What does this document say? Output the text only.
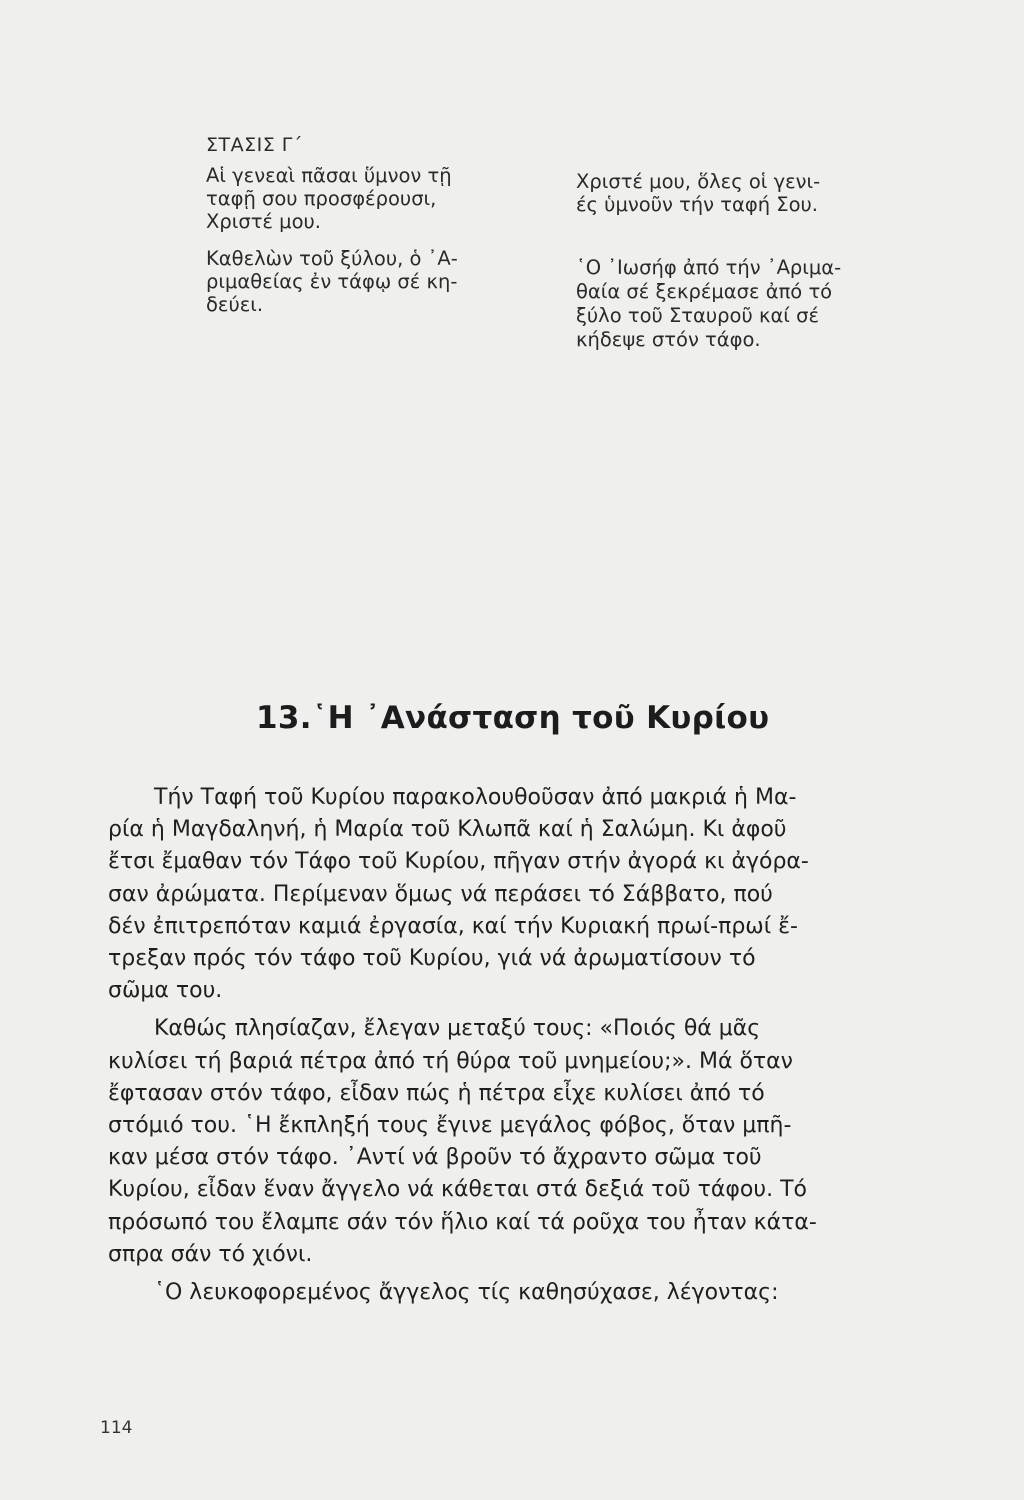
ΣΤΑΣΙΣ Γ΄

Αἱ γενεαὶ πᾶσαι ὕμνον τῇ
ταφῇ σου προσφέρουσι,
Χριστέ μου.

Χριστέ μου, ὅλες οἱ γενι-
ές ὑμνοῦν τήν ταφή Σου.

Καθελὼν τοῦ ξύλου, ὁ ᾿Α-
ριμαθείας ἐν τάφῳ σέ κη-
δεύει.

῾Ο ᾿Ιωσήφ ἀπό τήν ᾿Αριμα-
θαία σέ ξεκρέμασε ἀπό τό
ξύλο τοῦ Σταυροῦ καί σέ
κήδεψε στόν τάφο.

13.῾Η ᾿Ανάσταση τοῦ Κυρίου

Τήν Ταφή τοῦ Κυρίου παρακολουθοῦσαν ἀπό μακριά ἡ Μα-
ρία ἡ Μαγδαληνή, ἡ Μαρία τοῦ Κλωπᾶ καί ἡ Σαλώμη. Κι ἀφοῦ
ἔτσι ἔμαθαν τόν Τάφο τοῦ Κυρίου, πῆγαν στήν ἀγορά κι ἀγόρα-
σαν ἀρώματα. Περίμεναν ὅμως νά περάσει τό Σάββατο, πού
δέν ἐπιτρεπόταν καμιά ἐργασία, καί τήν Κυριακή πρωί-πρωί ἔ-
τρεξαν πρός τόν τάφο τοῦ Κυρίου, γιά νά ἀρωματίσουν τό
σῶμα του.

Καθώς πλησίαζαν, ἔλεγαν μεταξύ τους: «Ποιός θά μᾶς
κυλίσει τή βαριά πέτρα ἀπό τή θύρα τοῦ μνημείου;». Μά ὅταν
ἔφτασαν στόν τάφο, εἶδαν πώς ἡ πέτρα εἶχε κυλίσει ἀπό τό
στόμιό του. ῾Η ἔκπληξή τους ἔγινε μεγάλος φόβος, ὅταν μπῆ-
καν μέσα στόν τάφο. ᾿Αντί νά βροῦν τό ἄχραντο σῶμα τοῦ
Κυρίου, εἶδαν ἕναν ἄγγελο νά κάθεται στά δεξιά τοῦ τάφου. Τό
πρόσωπό του ἔλαμπε σάν τόν ἥλιο καί τά ροῦχα του ἦταν κάτα-
σπρα σάν τό χιόνι.

῾Ο λευκοφορεμένος ἄγγελος τίς καθησύχασε, λέγοντας:

114
